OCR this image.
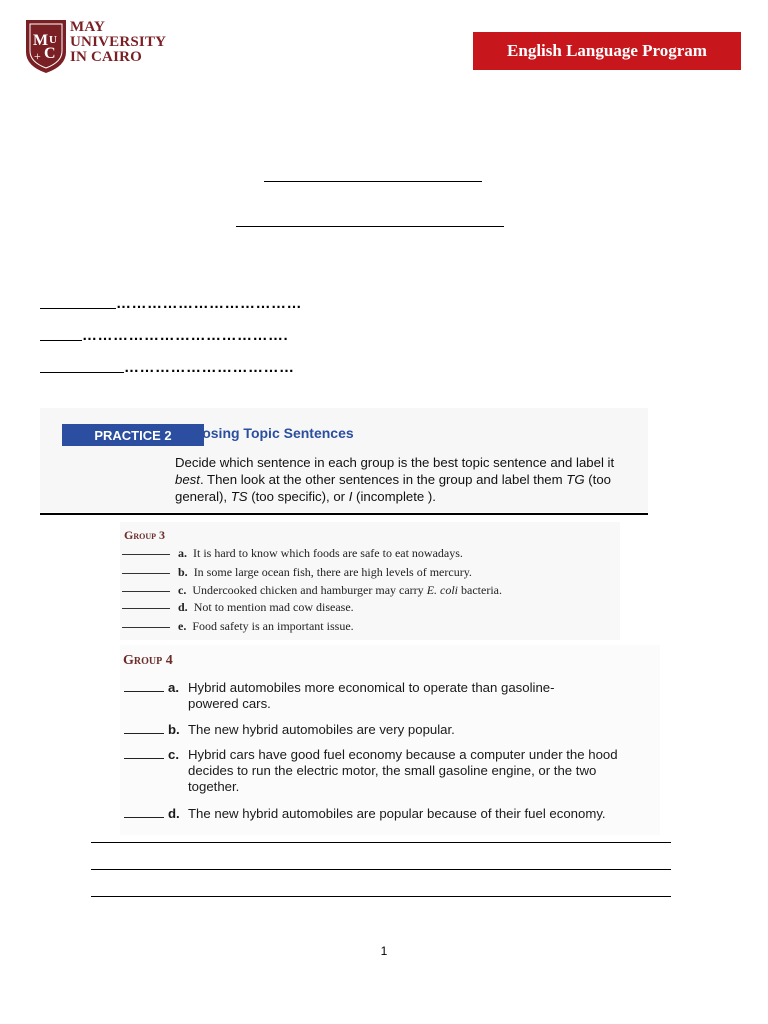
M
C
+
U
MAY
UNIVERSITY
IN CAIRO	English Language Program
………………………………
………………………………….
……………………………
PRACTICE 2 Choosing Topic Sentences
Decide which sentence in each group is the best topic sentence and label it best. Then look at the other sentences in the group and label them TG (too general), TS (too specific), or I (incomplete ).
Group 3
a. It is hard to know which foods are safe to eat nowadays.
b. In some large ocean fish, there are high levels of mercury.
c. Undercooked chicken and hamburger may carry E. coli bacteria.
d. Not to mention mad cow disease.
e. Food safety is an important issue.
Group 4
a. Hybrid automobiles more economical to operate than gasoline-powered cars.
b. The new hybrid automobiles are very popular.
c. Hybrid cars have good fuel economy because a computer under the hood decides to run the electric motor, the small gasoline engine, or the two together.
d. The new hybrid automobiles are popular because of their fuel economy.
1
